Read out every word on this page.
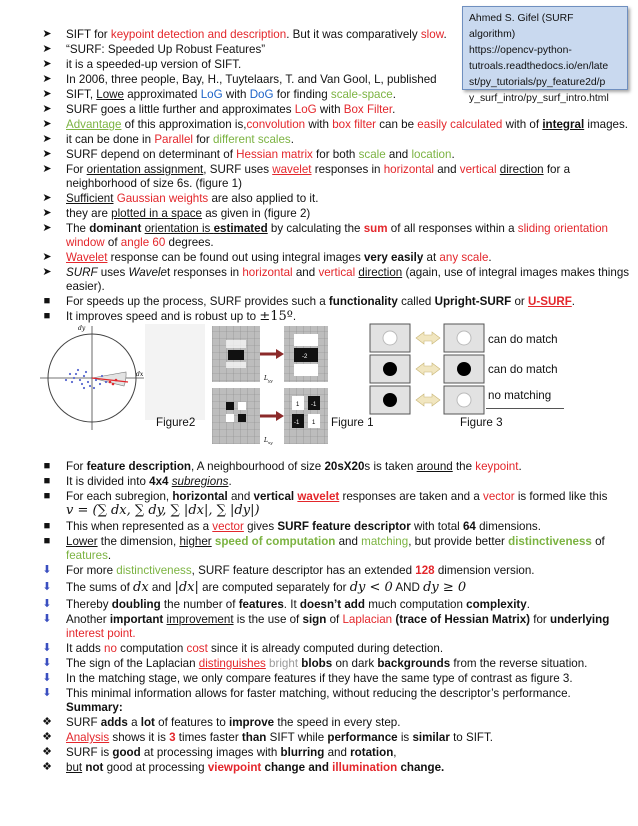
Ahmed S. Gifel (SURF algorithm)
https://opencv-python-
tutroals.readthedocs.io/en/late
st/py_tutorials/py_feature2d/p
y_surf_intro/py_surf_intro.html
➤ SIFT for keypoint detection and description. But it was comparatively slow.
➤ “SURF: Speeded Up Robust Features”
➤ it is a speeded-up version of SIFT.
➤ In 2006, three people, Bay, H., Tuytelaars, T. and Van Gool, L, published
➤ SIFT, Lowe approximated LoG with DoG for finding scale-space.
➤ SURF goes a little further and approximates LoG with Box Filter.
➤ Advantage of this approximation is,convolution with box filter can be easily calculated with of integral images.
➤ it can be done in Parallel for different scales.
➤ SURF depend on determinant of Hessian matrix for both scale and location.
➤ For orientation assignment, SURF uses wavelet responses in horizontal and vertical direction for a
neighborhood of size 6s. (figure 1)
➤ Sufficient Gaussian weights are also applied to it.
➤ they are plotted in a space as given in (figure 2)
➤ The dominant orientation is estimated by calculating the sum of all responses within a sliding orientation
window of angle 60 degrees.
➤ Wavelet response can be found out using integral images very easily at any scale.
➤ SURF uses Wavelet responses in horizontal and vertical direction (again, use of integral images makes things
easier).
■	For speeds up the process, SURF provides such a functionality called Upright-SURF or U-SURF.
■	It improves speed and is robust up to ±15º.
dx
dy
-2
$L_{yy}$
1 -1
-1 1
$L_{xy}$
can do match
can do match
no matching
Figure2	Figure 1	Figure 3
■	For feature description, A neighbourhood of size 20sX20s is taken around the keypoint.
■	It is divided into 4x4 subregions.
■	For each subregion, horizontal and vertical wavelet responses are taken and a vector is formed like this
v = (∑ dx, ∑ dy, ∑ |dx|, ∑ |dy|)
■	This when represented as a vector gives SURF feature descriptor with total 64 dimensions.
■	Lower the dimension, higher speed of computation and matching, but provide better distinctiveness of
features.
⬇ For more distinctiveness, SURF feature descriptor has an extended 128 dimension version.
⬇ The sums of dx and |dx| are computed separately for dy < 0 AND dy ≥ 0
⬇ Thereby doubling the number of features. It doesn’t add much computation complexity.
⬇ Another important improvement is the use of sign of Laplacian (trace of Hessian Matrix) for underlying
interest point.
⬇ It adds no computation cost since it is already computed during detection.
⬇ The sign of the Laplacian distinguishes bright blobs on dark backgrounds from the reverse situation.
⬇ In the matching stage, we only compare features if they have the same type of contrast as figure 3.
⬇ This minimal information allows for faster matching, without reducing the descriptor’s performance.
Summary:
❖ SURF adds a lot of features to improve the speed in every step.
❖ Analysis shows it is 3 times faster than SIFT while performance is similar to SIFT.
❖ SURF is good at processing images with blurring and rotation,
❖ but not good at processing viewpoint change and illumination change.
